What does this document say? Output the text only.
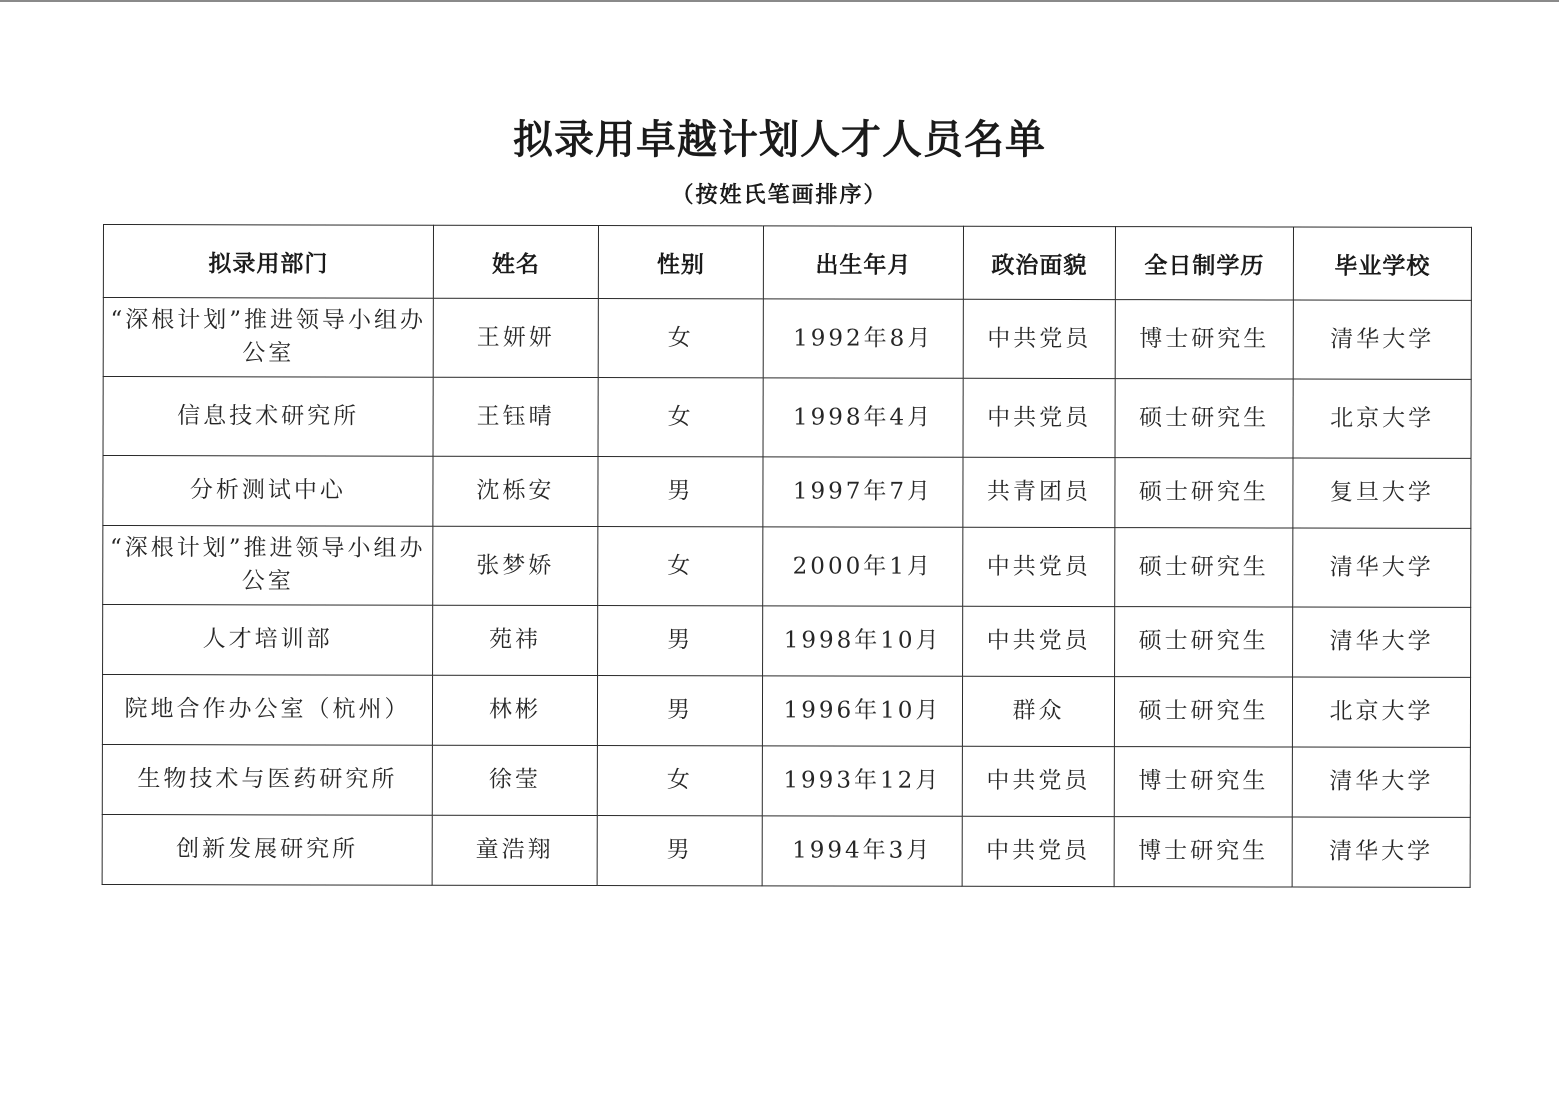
拟录用卓越计划人才人员名单
（按姓氏笔画排序）
拟录用部门	姓名	性别	出生年月	政治面貌	全日制学历	毕业学校
“深根计划”推进领导小组办公室	王妍妍	女	1992年8月	中共党员	博士研究生	清华大学
信息技术研究所	王钰晴	女	1998年4月	中共党员	硕士研究生	北京大学
分析测试中心	沈栎安	男	1997年7月	共青团员	硕士研究生	复旦大学
“深根计划”推进领导小组办公室	张梦娇	女	2000年1月	中共党员	硕士研究生	清华大学
人才培训部	苑祎	男	1998年10月	中共党员	硕士研究生	清华大学
院地合作办公室（杭州）	林彬	男	1996年10月	群众	硕士研究生	北京大学
生物技术与医药研究所	徐莹	女	1993年12月	中共党员	博士研究生	清华大学
创新发展研究所	童浩翔	男	1994年3月	中共党员	博士研究生	清华大学
